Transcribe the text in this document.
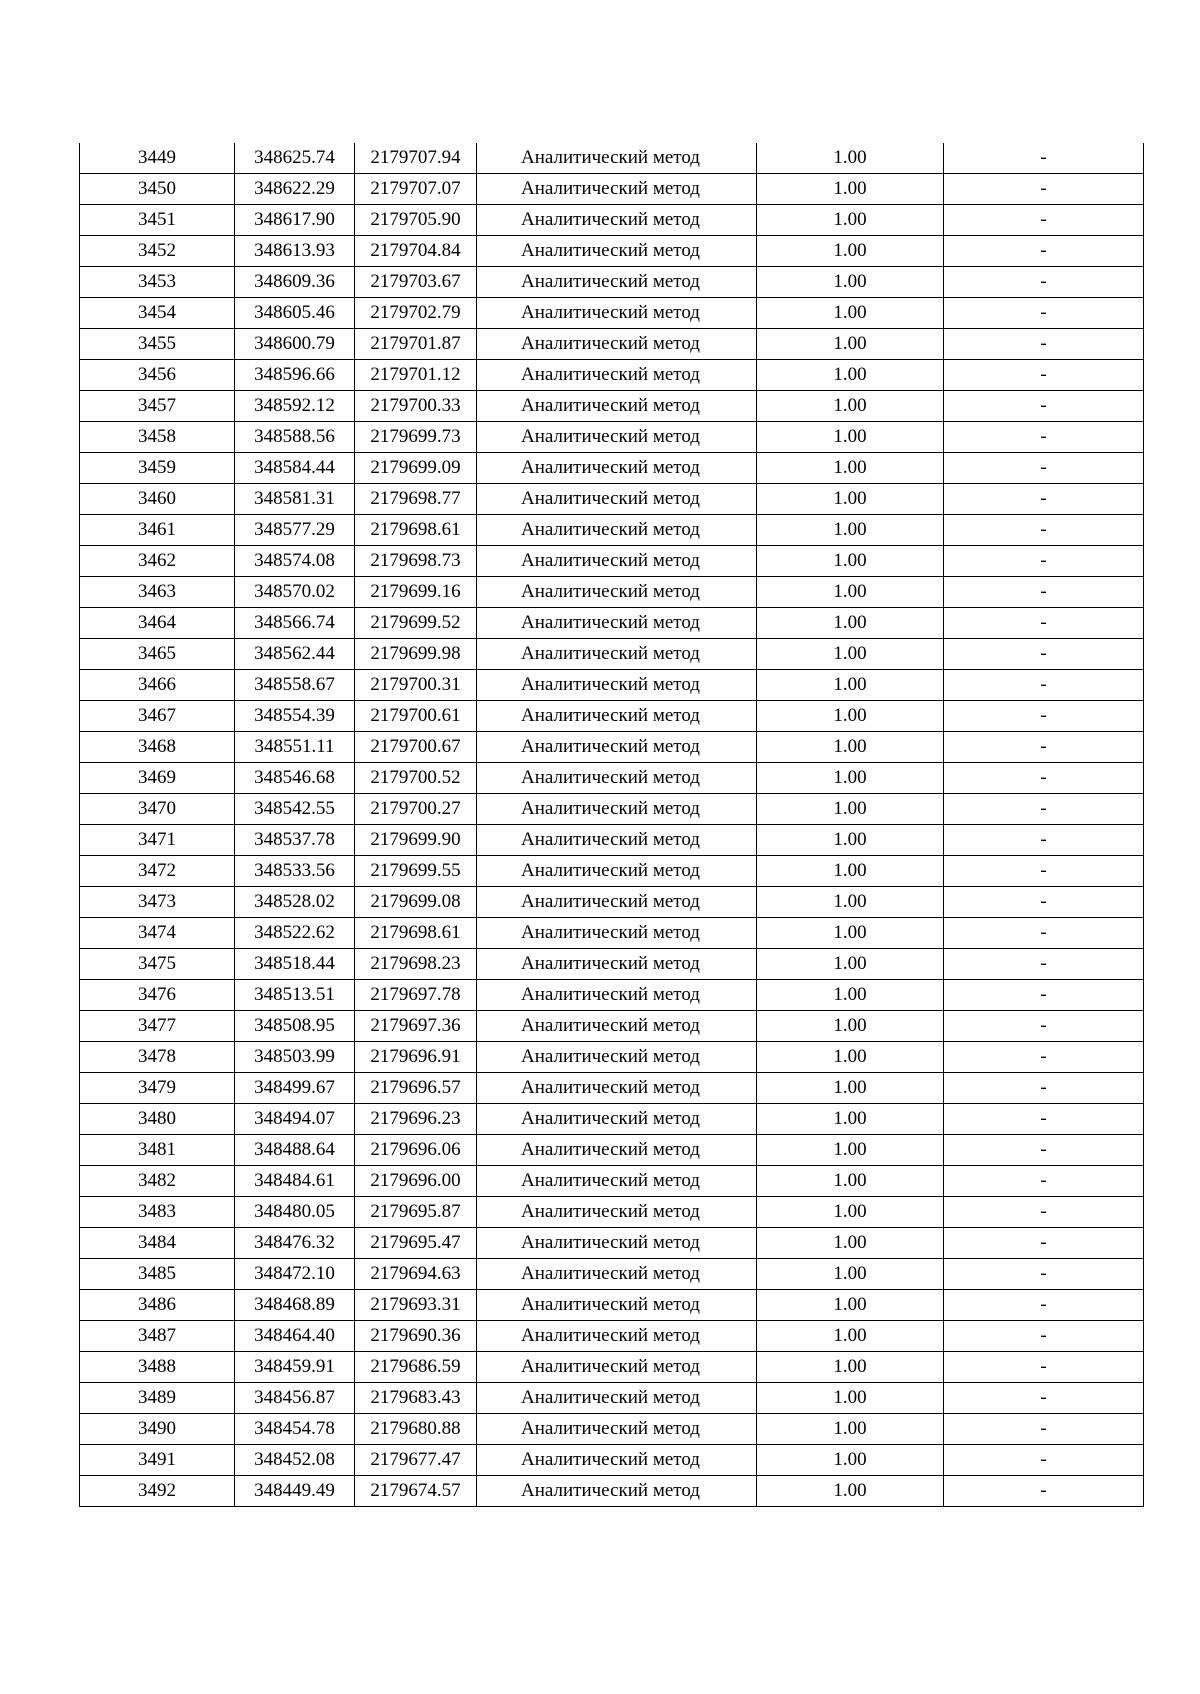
3449	348625.74	2179707.94	Аналитический метод	1.00	-
3450	348622.29	2179707.07	Аналитический метод	1.00	-
3451	348617.90	2179705.90	Аналитический метод	1.00	-
3452	348613.93	2179704.84	Аналитический метод	1.00	-
3453	348609.36	2179703.67	Аналитический метод	1.00	-
3454	348605.46	2179702.79	Аналитический метод	1.00	-
3455	348600.79	2179701.87	Аналитический метод	1.00	-
3456	348596.66	2179701.12	Аналитический метод	1.00	-
3457	348592.12	2179700.33	Аналитический метод	1.00	-
3458	348588.56	2179699.73	Аналитический метод	1.00	-
3459	348584.44	2179699.09	Аналитический метод	1.00	-
3460	348581.31	2179698.77	Аналитический метод	1.00	-
3461	348577.29	2179698.61	Аналитический метод	1.00	-
3462	348574.08	2179698.73	Аналитический метод	1.00	-
3463	348570.02	2179699.16	Аналитический метод	1.00	-
3464	348566.74	2179699.52	Аналитический метод	1.00	-
3465	348562.44	2179699.98	Аналитический метод	1.00	-
3466	348558.67	2179700.31	Аналитический метод	1.00	-
3467	348554.39	2179700.61	Аналитический метод	1.00	-
3468	348551.11	2179700.67	Аналитический метод	1.00	-
3469	348546.68	2179700.52	Аналитический метод	1.00	-
3470	348542.55	2179700.27	Аналитический метод	1.00	-
3471	348537.78	2179699.90	Аналитический метод	1.00	-
3472	348533.56	2179699.55	Аналитический метод	1.00	-
3473	348528.02	2179699.08	Аналитический метод	1.00	-
3474	348522.62	2179698.61	Аналитический метод	1.00	-
3475	348518.44	2179698.23	Аналитический метод	1.00	-
3476	348513.51	2179697.78	Аналитический метод	1.00	-
3477	348508.95	2179697.36	Аналитический метод	1.00	-
3478	348503.99	2179696.91	Аналитический метод	1.00	-
3479	348499.67	2179696.57	Аналитический метод	1.00	-
3480	348494.07	2179696.23	Аналитический метод	1.00	-
3481	348488.64	2179696.06	Аналитический метод	1.00	-
3482	348484.61	2179696.00	Аналитический метод	1.00	-
3483	348480.05	2179695.87	Аналитический метод	1.00	-
3484	348476.32	2179695.47	Аналитический метод	1.00	-
3485	348472.10	2179694.63	Аналитический метод	1.00	-
3486	348468.89	2179693.31	Аналитический метод	1.00	-
3487	348464.40	2179690.36	Аналитический метод	1.00	-
3488	348459.91	2179686.59	Аналитический метод	1.00	-
3489	348456.87	2179683.43	Аналитический метод	1.00	-
3490	348454.78	2179680.88	Аналитический метод	1.00	-
3491	348452.08	2179677.47	Аналитический метод	1.00	-
3492	348449.49	2179674.57	Аналитический метод	1.00	-
